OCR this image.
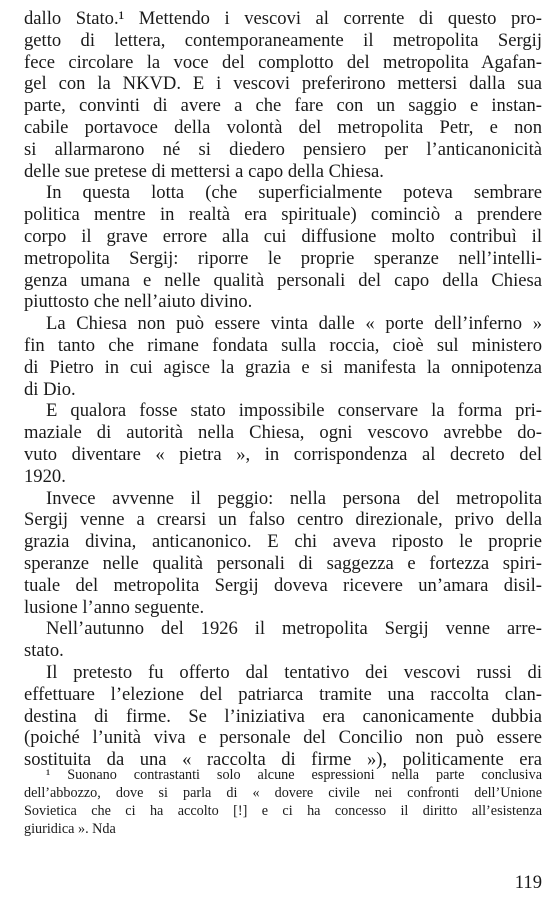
dallo Stato.¹ Mettendo i vescovi al corrente di questo pro-
getto di lettera, contemporaneamente il metropolita Sergij
fece circolare la voce del complotto del metropolita Agafan-
gel con la NKVD. E i vescovi preferirono mettersi dalla sua
parte, convinti di avere a che fare con un saggio e instan-
cabile portavoce della volontà del metropolita Petr, e non
si allarmarono né si diedero pensiero per l’anticanonicità
delle sue pretese di mettersi a capo della Chiesa.
In questa lotta (che superficialmente poteva sembrare
politica mentre in realtà era spirituale) cominciò a prendere
corpo il grave errore alla cui diffusione molto contribuì il
metropolita Sergij: riporre le proprie speranze nell’intelli-
genza umana e nelle qualità personali del capo della Chiesa
piuttosto che nell’aiuto divino.
La Chiesa non può essere vinta dalle « porte dell’inferno »
fin tanto che rimane fondata sulla roccia, cioè sul ministero
di Pietro in cui agisce la grazia e si manifesta la onnipotenza
di Dio.
E qualora fosse stato impossibile conservare la forma pri-
maziale di autorità nella Chiesa, ogni vescovo avrebbe do-
vuto diventare « pietra », in corrispondenza al decreto del
1920.
Invece avvenne il peggio: nella persona del metropolita
Sergij venne a crearsi un falso centro direzionale, privo della
grazia divina, anticanonico. E chi aveva riposto le proprie
speranze nelle qualità personali di saggezza e fortezza spiri-
tuale del metropolita Sergij doveva ricevere un’amara disil-
lusione l’anno seguente.
Nell’autunno del 1926 il metropolita Sergij venne arre-
stato.
Il pretesto fu offerto dal tentativo dei vescovi russi di
effettuare l’elezione del patriarca tramite una raccolta clan-
destina di firme. Se l’iniziativa era canonicamente dubbia
(poiché l’unità viva e personale del Concilio non può essere
sostituita da una « raccolta di firme »), politicamente era
¹ Suonano contrastanti solo alcune espressioni nella parte conclusiva
dell’abbozzo, dove si parla di « dovere civile nei confronti dell’Unione
Sovietica che ci ha accolto [!] e ci ha concesso il diritto all’esistenza
giuridica ». Nda
119
